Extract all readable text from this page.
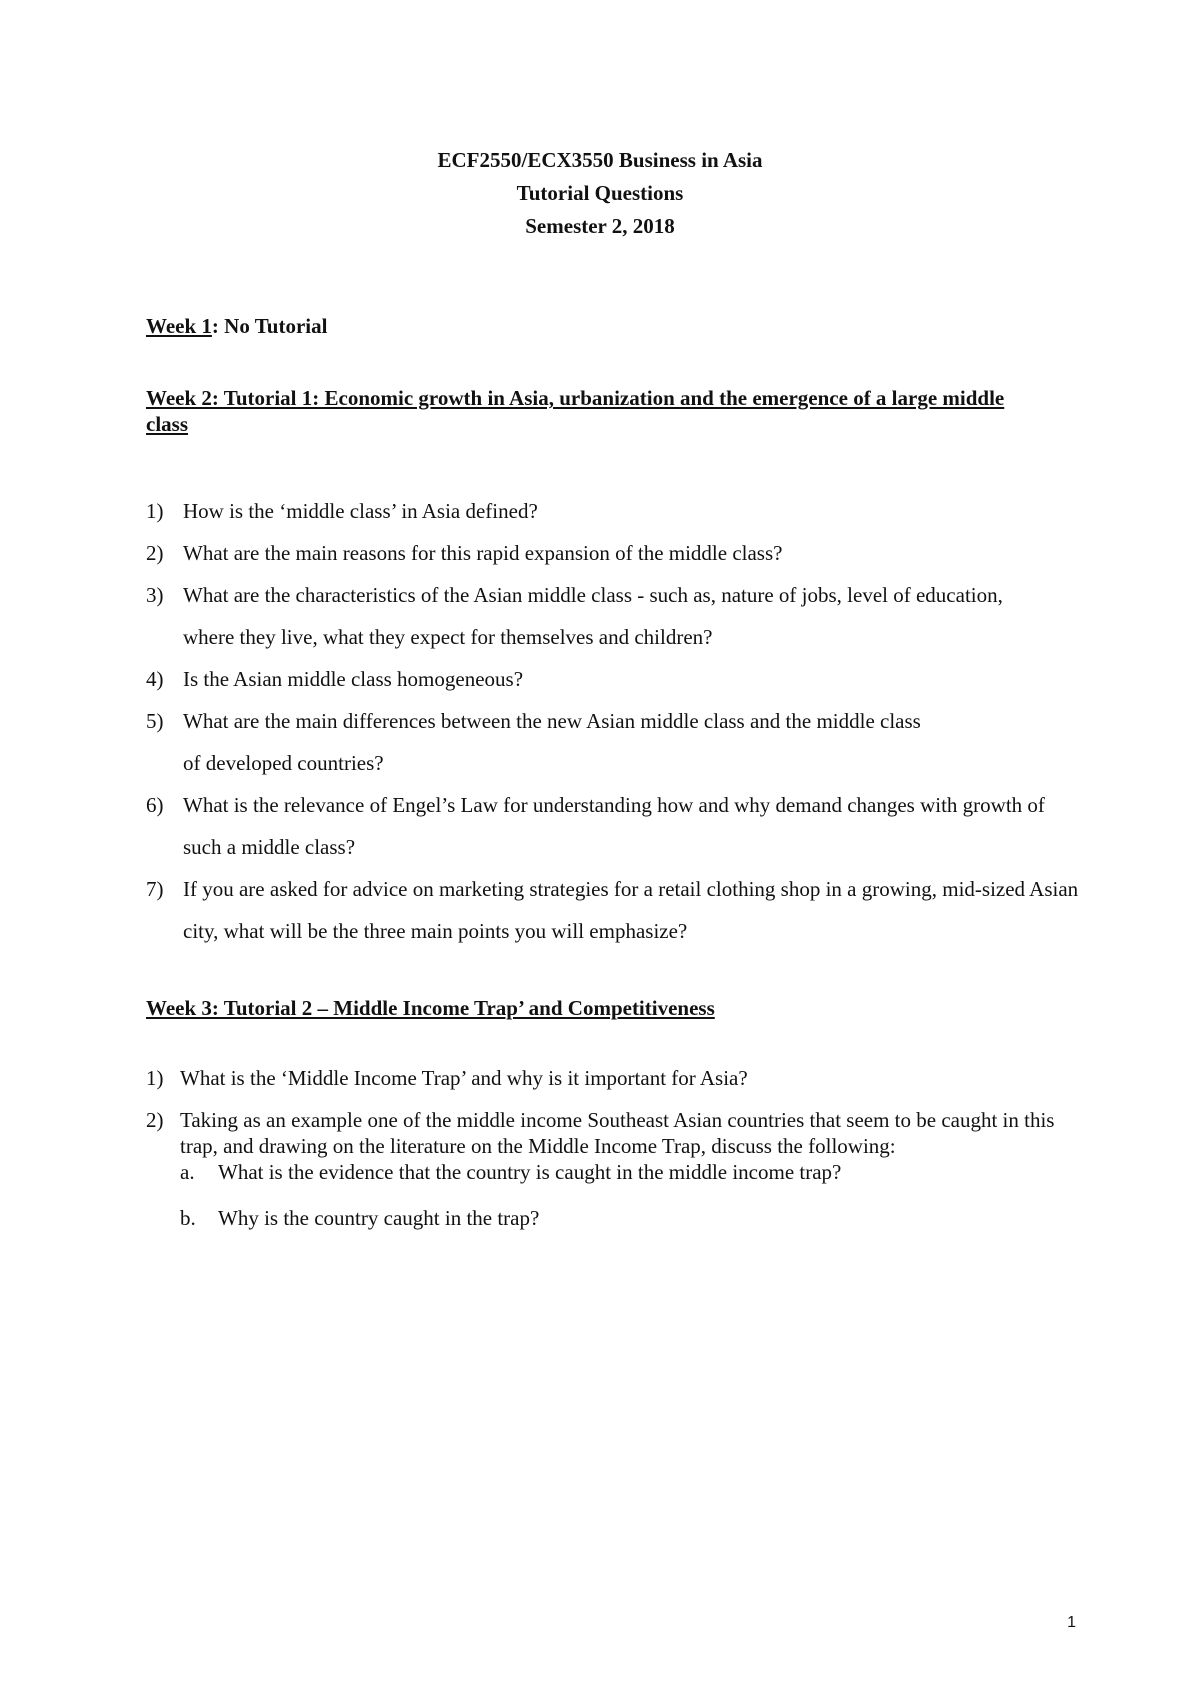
ECF2550/ECX3550 Business in Asia
Tutorial Questions
Semester 2, 2018
Week 1: No Tutorial
Week 2: Tutorial 1: Economic growth in Asia, urbanization and the emergence of a large middle class
1) How is the ‘middle class’ in Asia defined?
2) What are the main reasons for this rapid expansion of the middle class?
3) What are the characteristics of the Asian middle class - such as, nature of jobs, level of education, where they live, what they expect for themselves and children?
4) Is the Asian middle class homogeneous?
5) What are the main differences between the new Asian middle class and the middle class of developed countries?
6) What is the relevance of Engel’s Law for understanding how and why demand changes with growth of such a middle class?
7) If you are asked for advice on marketing strategies for a retail clothing shop in a growing, mid-sized Asian city, what will be the three main points you will emphasize?
Week 3: Tutorial 2 – Middle Income Trap’ and Competitiveness
1) What is the ‘Middle Income Trap’ and why is it important for Asia?
2) Taking as an example one of the middle income Southeast Asian countries that seem to be caught in this trap, and drawing on the literature on the Middle Income Trap, discuss the following:
a. What is the evidence that the country is caught in the middle income trap?
b. Why is the country caught in the trap?
1
